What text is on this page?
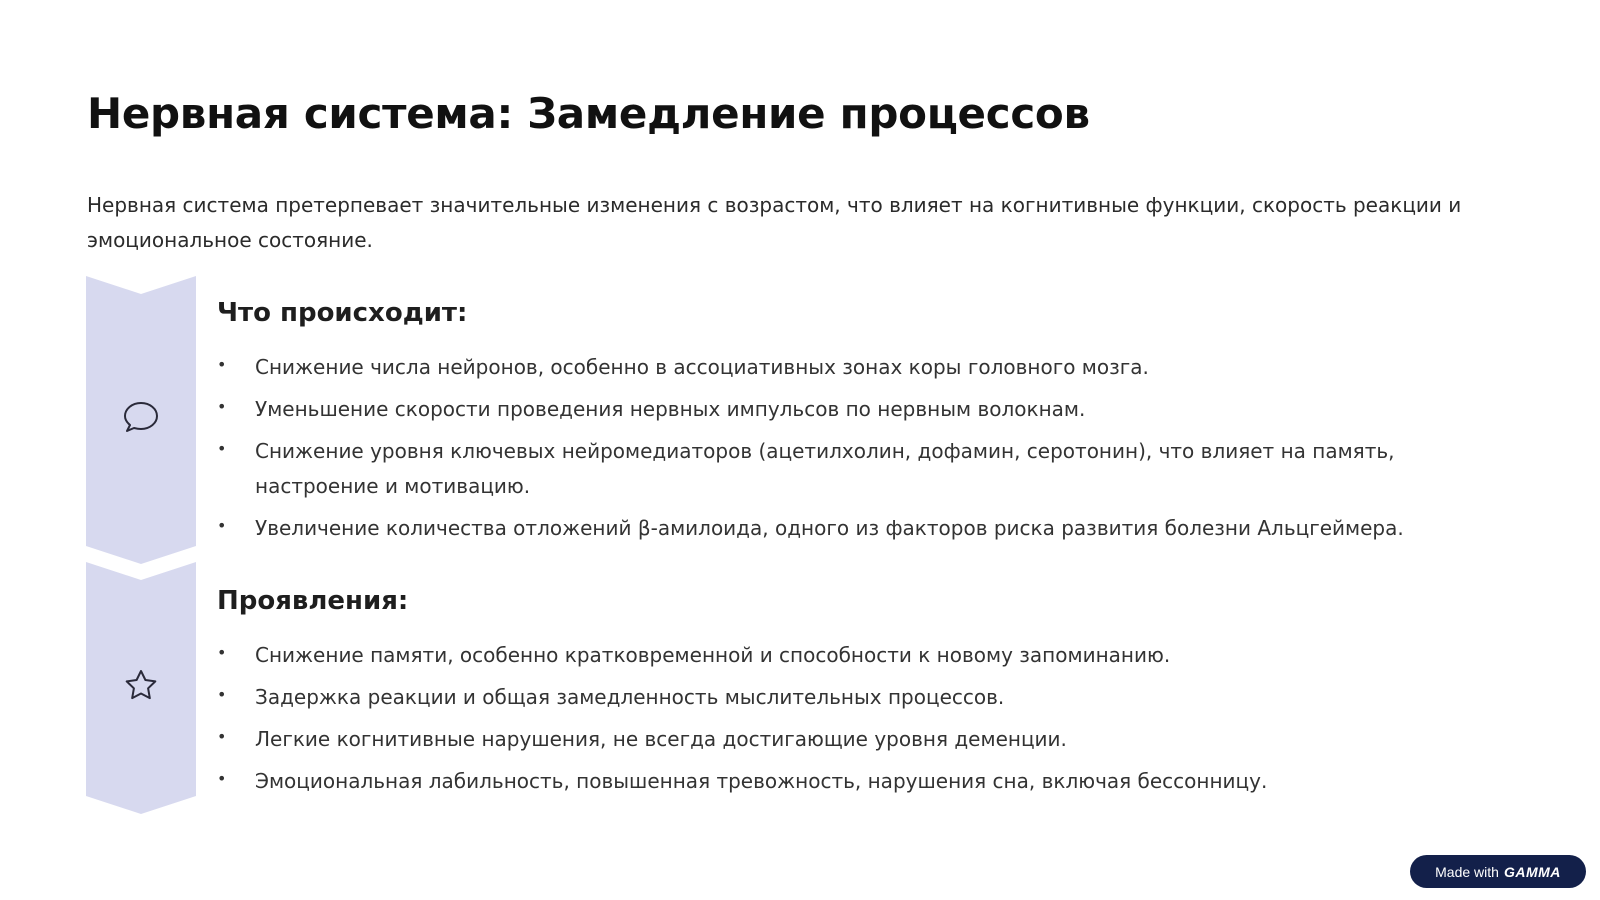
Нервная система: Замедление процессов

Нервная система претерпевает значительные изменения с возрастом, что влияет на когнитивные функции, скорость реакции и эмоциональное состояние.

Что происходит:
• Снижение числа нейронов, особенно в ассоциативных зонах коры головного мозга.
• Уменьшение скорости проведения нервных импульсов по нервным волокнам.
• Снижение уровня ключевых нейромедиаторов (ацетилхолин, дофамин, серотонин), что влияет на память, настроение и мотивацию.
• Увеличение количества отложений β-амилоида, одного из факторов риска развития болезни Альцгеймера.
Проявления:
• Снижение памяти, особенно кратковременной и способности к новому запоминанию.
• Задержка реакции и общая замедленность мыслительных процессов.
• Легкие когнитивные нарушения, не всегда достигающие уровня деменции.
• Эмоциональная лабильность, повышенная тревожность, нарушения сна, включая бессонницу.
Made with GAMMA
